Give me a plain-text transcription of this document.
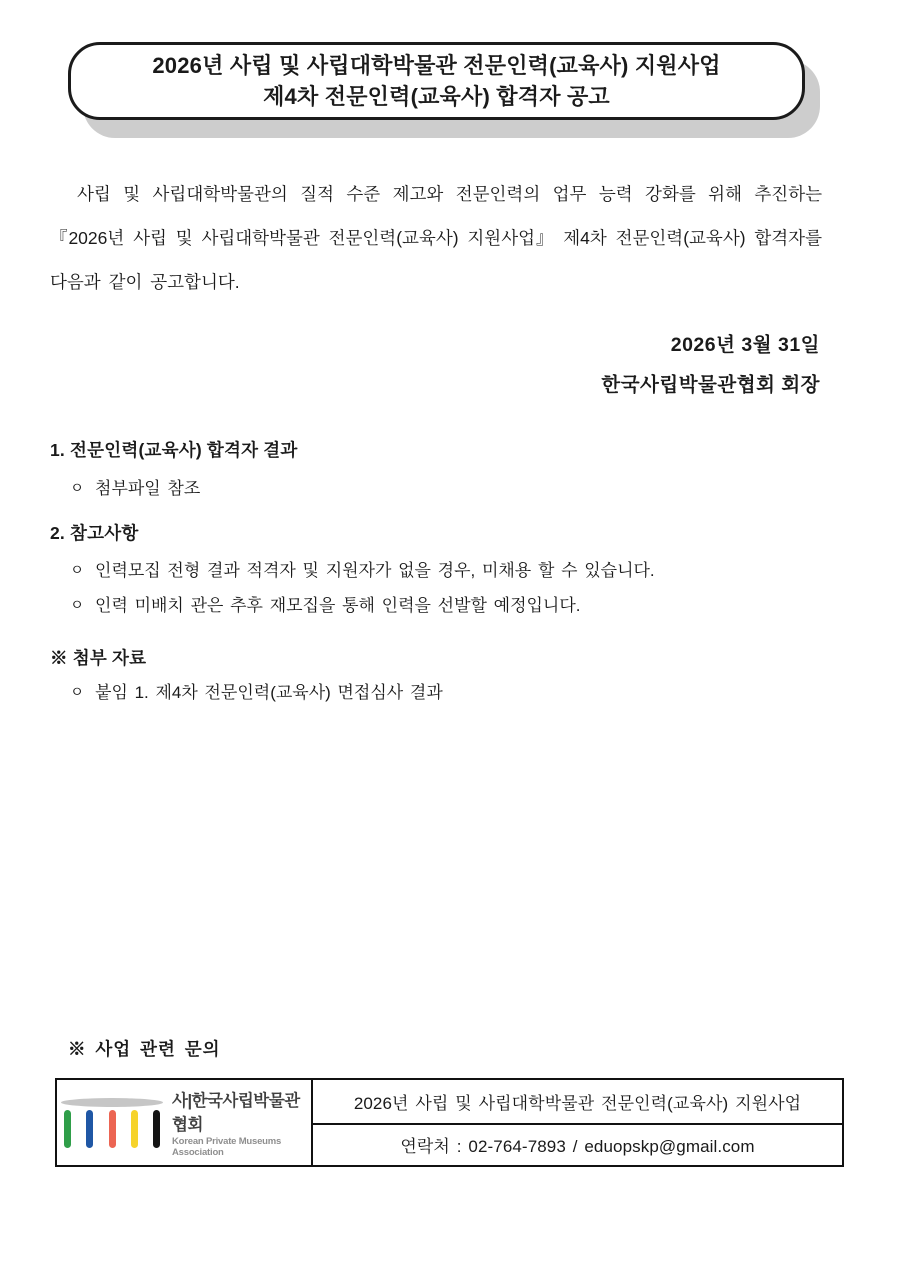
2026년 사립 및 사립대학박물관 전문인력(교육사) 지원사업
제4차 전문인력(교육사) 합격자 공고

사립 및 사립대학박물관의 질적 수준 제고와 전문인력의 업무 능력 강화를 위해 추진하는 『2026년 사립 및 사립대학박물관 전문인력(교육사) 지원사업』 제4차 전문인력(교육사) 합격자를 다음과 같이 공고합니다.

2026년 3월 31일
한국사립박물관협회 회장
1. 전문인력(교육사) 합격자 결과
ㅇ 첨부파일 참조
2. 참고사항
ㅇ 인력모집 전형 결과 적격자 및 지원자가 없을 경우, 미채용 할 수 있습니다.
ㅇ 인력 미배치 관은 추후 재모집을 통해 인력을 선발할 예정입니다.
※ 첨부 자료
ㅇ 붙임 1. 제4차 전문인력(교육사) 면접심사 결과
※ 사업 관련 문의
사|한국사립박물관협회
Korean Private Museums Association
2026년 사립 및 사립대학박물관 전문인력(교육사) 지원사업
연락처 : 02-764-7893 / eduopskp@gmail.com
